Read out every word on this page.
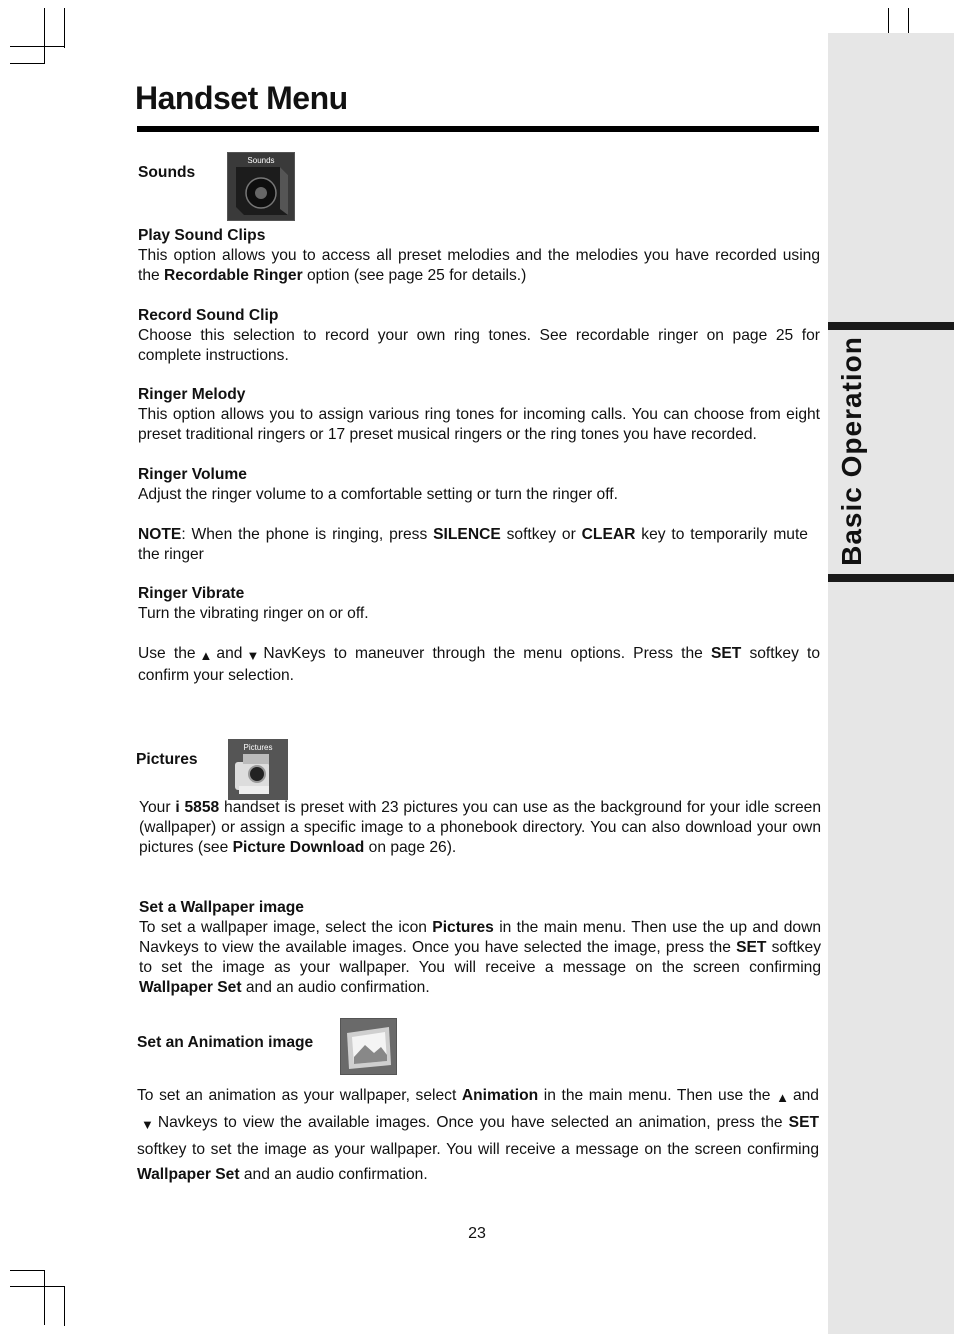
Basic Operation
Handset Menu
Sounds
Sounds

Play Sound Clips
This option allows you to access all preset melodies and the melodies you have recorded using the Recordable Ringer option (see page 25 for details.)

Record Sound Clip
Choose this selection to record your own ring tones. See recordable ringer on page 25 for complete instructions.

Ringer Melody
This option allows you to assign various ring tones for incoming calls. You can choose from eight preset traditional ringers or 17 preset musical ringers or the ring tones you have recorded.

Ringer Volume
Adjust the ringer volume to a comfortable setting or turn the ringer off.

NOTE: When the phone is ringing, press SILENCE softkey or CLEAR key to temporarily mute the ringer

Ringer Vibrate
Turn the vibrating ringer on or off.

Use the ▲ and ▼ NavKeys to maneuver through the menu options. Press the SET softkey to confirm your selection.

Pictures
Pictures
Your i 5858 handset is preset with 23 pictures you can use as the background for your idle screen (wallpaper) or assign a specific image to a phonebook directory. You can also download your own pictures (see Picture Download on page 26).
Set a Wallpaper image
To set a wallpaper image, select the icon Pictures in the main menu. Then use the up and down Navkeys to view the available images. Once you have selected the image, press the SET softkey to set the image as your wallpaper. You will receive a message on the screen confirming Wallpaper Set and an audio confirmation.
Set an Animation image
To set an animation as your wallpaper, select Animation in the main menu. Then use the ▲ and▼ Navkeys to view the available images. Once you have selected an animation, press the SET softkey to set the image as your wallpaper. You will receive a message on the screen confirming Wallpaper Set and an audio confirmation.
23
